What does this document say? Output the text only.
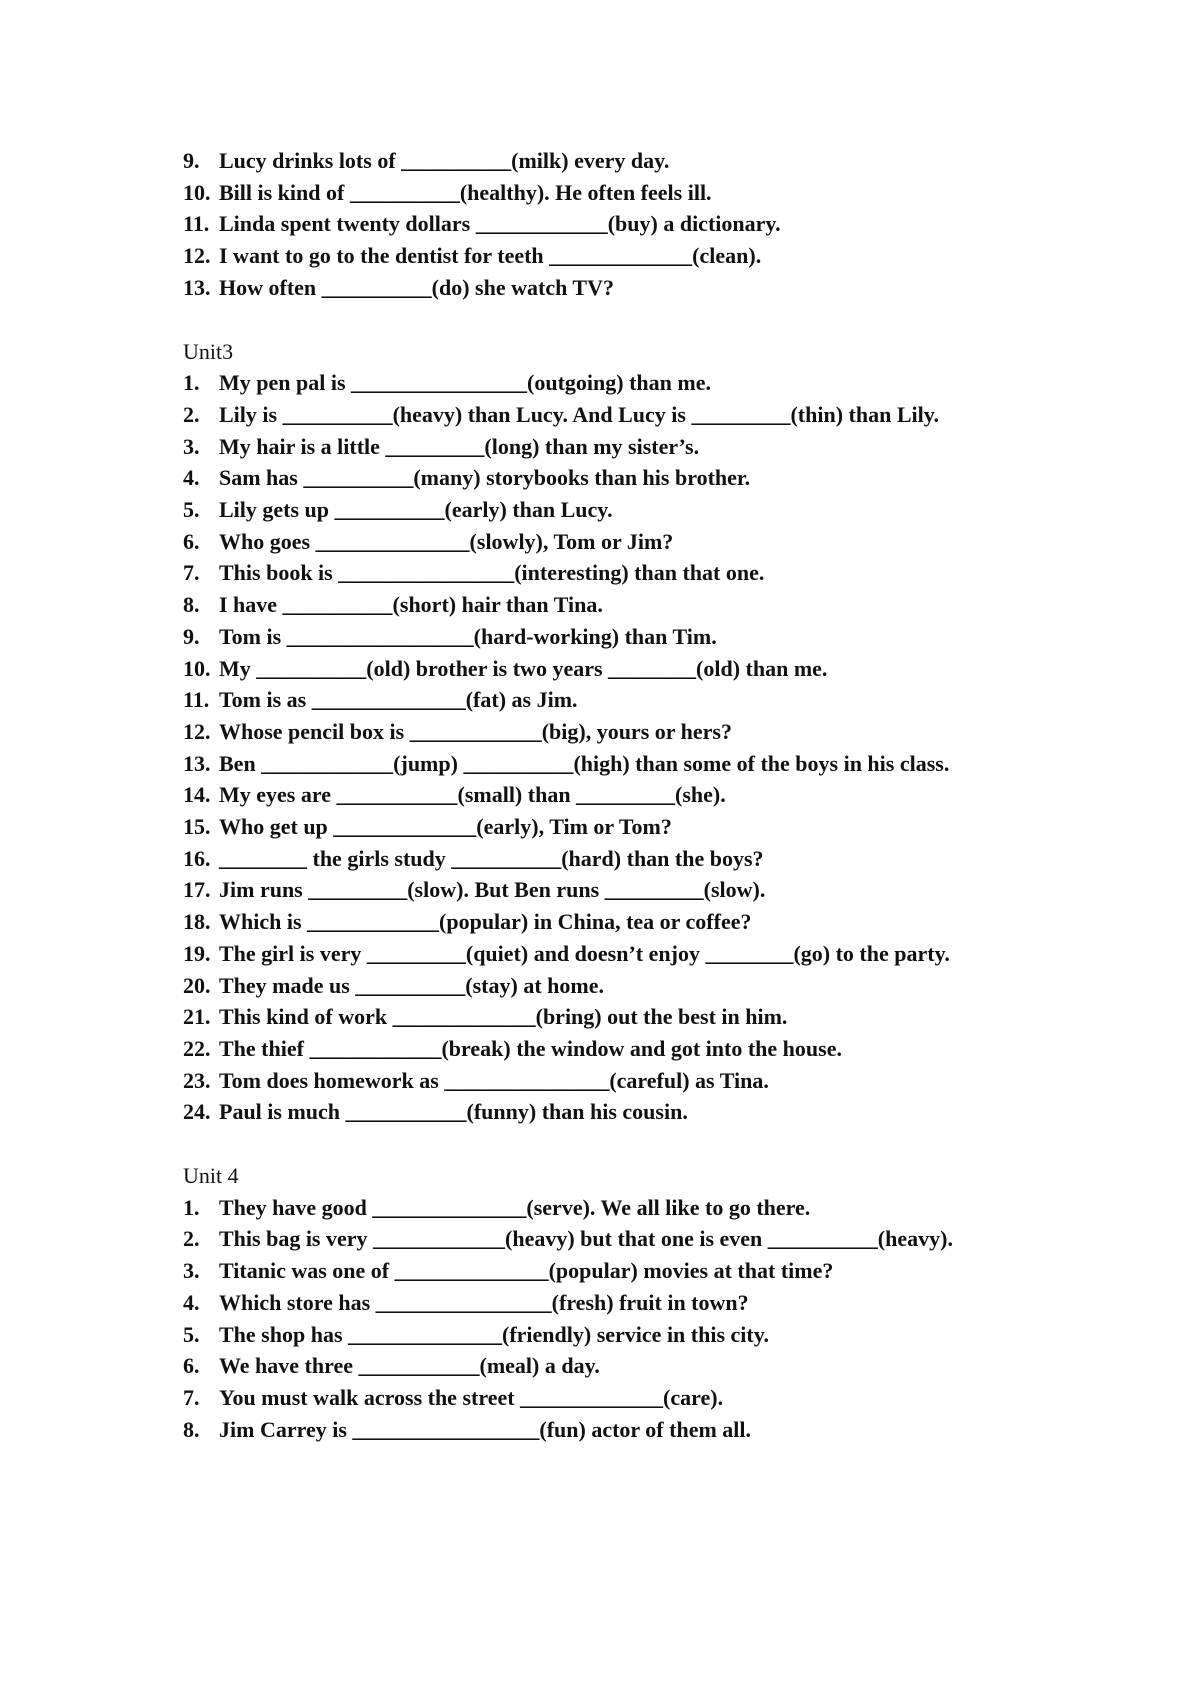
9. Lucy drinks lots of __________(milk) every day.
10. Bill is kind of __________(healthy). He often feels ill.
11. Linda spent twenty dollars ____________(buy) a dictionary.
12. I want to go to the dentist for teeth _____________(clean).
13. How often __________(do) she watch TV?
Unit3
1. My pen pal is ________________(outgoing) than me.
2. Lily is __________(heavy) than Lucy. And Lucy is _________(thin) than Lily.
3. My hair is a little _________(long) than my sister’s.
4. Sam has __________(many) storybooks than his brother.
5. Lily gets up __________(early) than Lucy.
6. Who goes ______________(slowly), Tom or Jim?
7. This book is ________________(interesting) than that one.
8. I have __________(short) hair than Tina.
9. Tom is _________________(hard-working) than Tim.
10. My __________(old) brother is two years ________(old) than me.
11. Tom is as ______________(fat) as Jim.
12. Whose pencil box is ____________(big), yours or hers?
13. Ben ____________(jump) __________(high) than some of the boys in his class.
14. My eyes are ___________(small) than _________(she).
15. Who get up _____________(early), Tim or Tom?
16. ________ the girls study __________(hard) than the boys?
17. Jim runs _________(slow). But Ben runs _________(slow).
18. Which is ____________(popular) in China, tea or coffee?
19. The girl is very _________(quiet) and doesn’t enjoy ________(go) to the party.
20. They made us __________(stay) at home.
21. This kind of work _____________(bring) out the best in him.
22. The thief ____________(break) the window and got into the house.
23. Tom does homework as _______________(careful) as Tina.
24. Paul is much ___________(funny) than his cousin.
Unit 4
1. They have good ______________(serve). We all like to go there.
2. This bag is very ____________(heavy) but that one is even __________(heavy).
3. Titanic was one of ______________(popular) movies at that time?
4. Which store has ________________(fresh) fruit in town?
5. The shop has ______________(friendly) service in this city.
6. We have three ___________(meal) a day.
7. You must walk across the street _____________(care).
8. Jim Carrey is _________________(fun) actor of them all.
